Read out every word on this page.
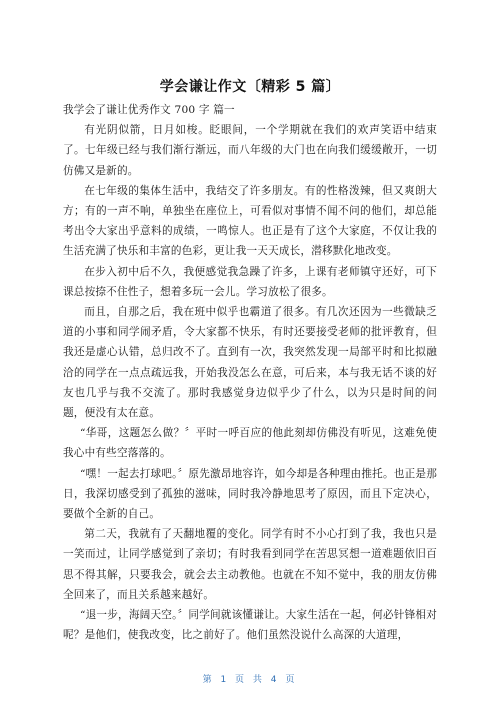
学会谦让作文〔精彩 5 篇〕

我学会了谦让优秀作文 700 字 篇一

有光阴似箭，日月如梭。眨眼间，一个学期就在我们的欢声笑语中结束了。七年级已经与我们渐行渐远，而八年级的大门也在向我们缓缓敞开，一切仿佛又是新的。

在七年级的集体生活中，我结交了许多朋友。有的性格泼辣，但又爽朗大方；有的一声不响，单独坐在座位上，可看似对事情不闻不问的他们，却总能考出令大家出乎意料的成绩，一鸣惊人。也正是有了这个大家庭，不仅让我的生活充满了快乐和丰富的色彩，更让我一天天成长，潜移默化地改变。

在步入初中后不久，我便感觉我急躁了许多，上课有老师镇守还好，可下课总按捺不住性子，想着多玩一会儿。学习放松了很多。

而且，自那之后，我在班中似乎也霸道了很多。有几次还因为一些微缺乏道的小事和同学闹矛盾，令大家都不快乐，有时还要接受老师的批评教育，但我还是虚心认错，总归改不了。直到有一次，我突然发现一局部平时和比拟融洽的同学在一点点疏远我，开始我没怎么在意，可后来，本与我无话不谈的好友也几乎与我不交流了。那时我感觉身边似乎少了什么，以为只是时间的问题，便没有太在意。

“华哥，这题怎么做？〞平时一呼百应的他此刻却仿佛没有听见，这难免使我心中有些空落落的。

“嘿！一起去打球吧。〞原先激昂地容许，如今却是各种理由推托。也正是那日，我深切感受到了孤独的滋味，同时我冷静地思考了原因，而且下定决心，要做个全新的自己。

第二天，我就有了天翻地覆的变化。同学有时不小心打到了我，我也只是一笑而过，让同学感觉到了亲切；有时我看到同学在苦思冥想一道难题依旧百思不得其解，只要我会，就会去主动教他。也就在不知不觉中，我的朋友仿佛全回来了，而且关系越来越好。

“退一步，海阔天空。〞同学间就该懂谦让。大家生活在一起，何必针锋相对呢？是他们，使我改变，比之前好了。他们虽然没说什么高深的大道理，

第 1 页 共 4 页
